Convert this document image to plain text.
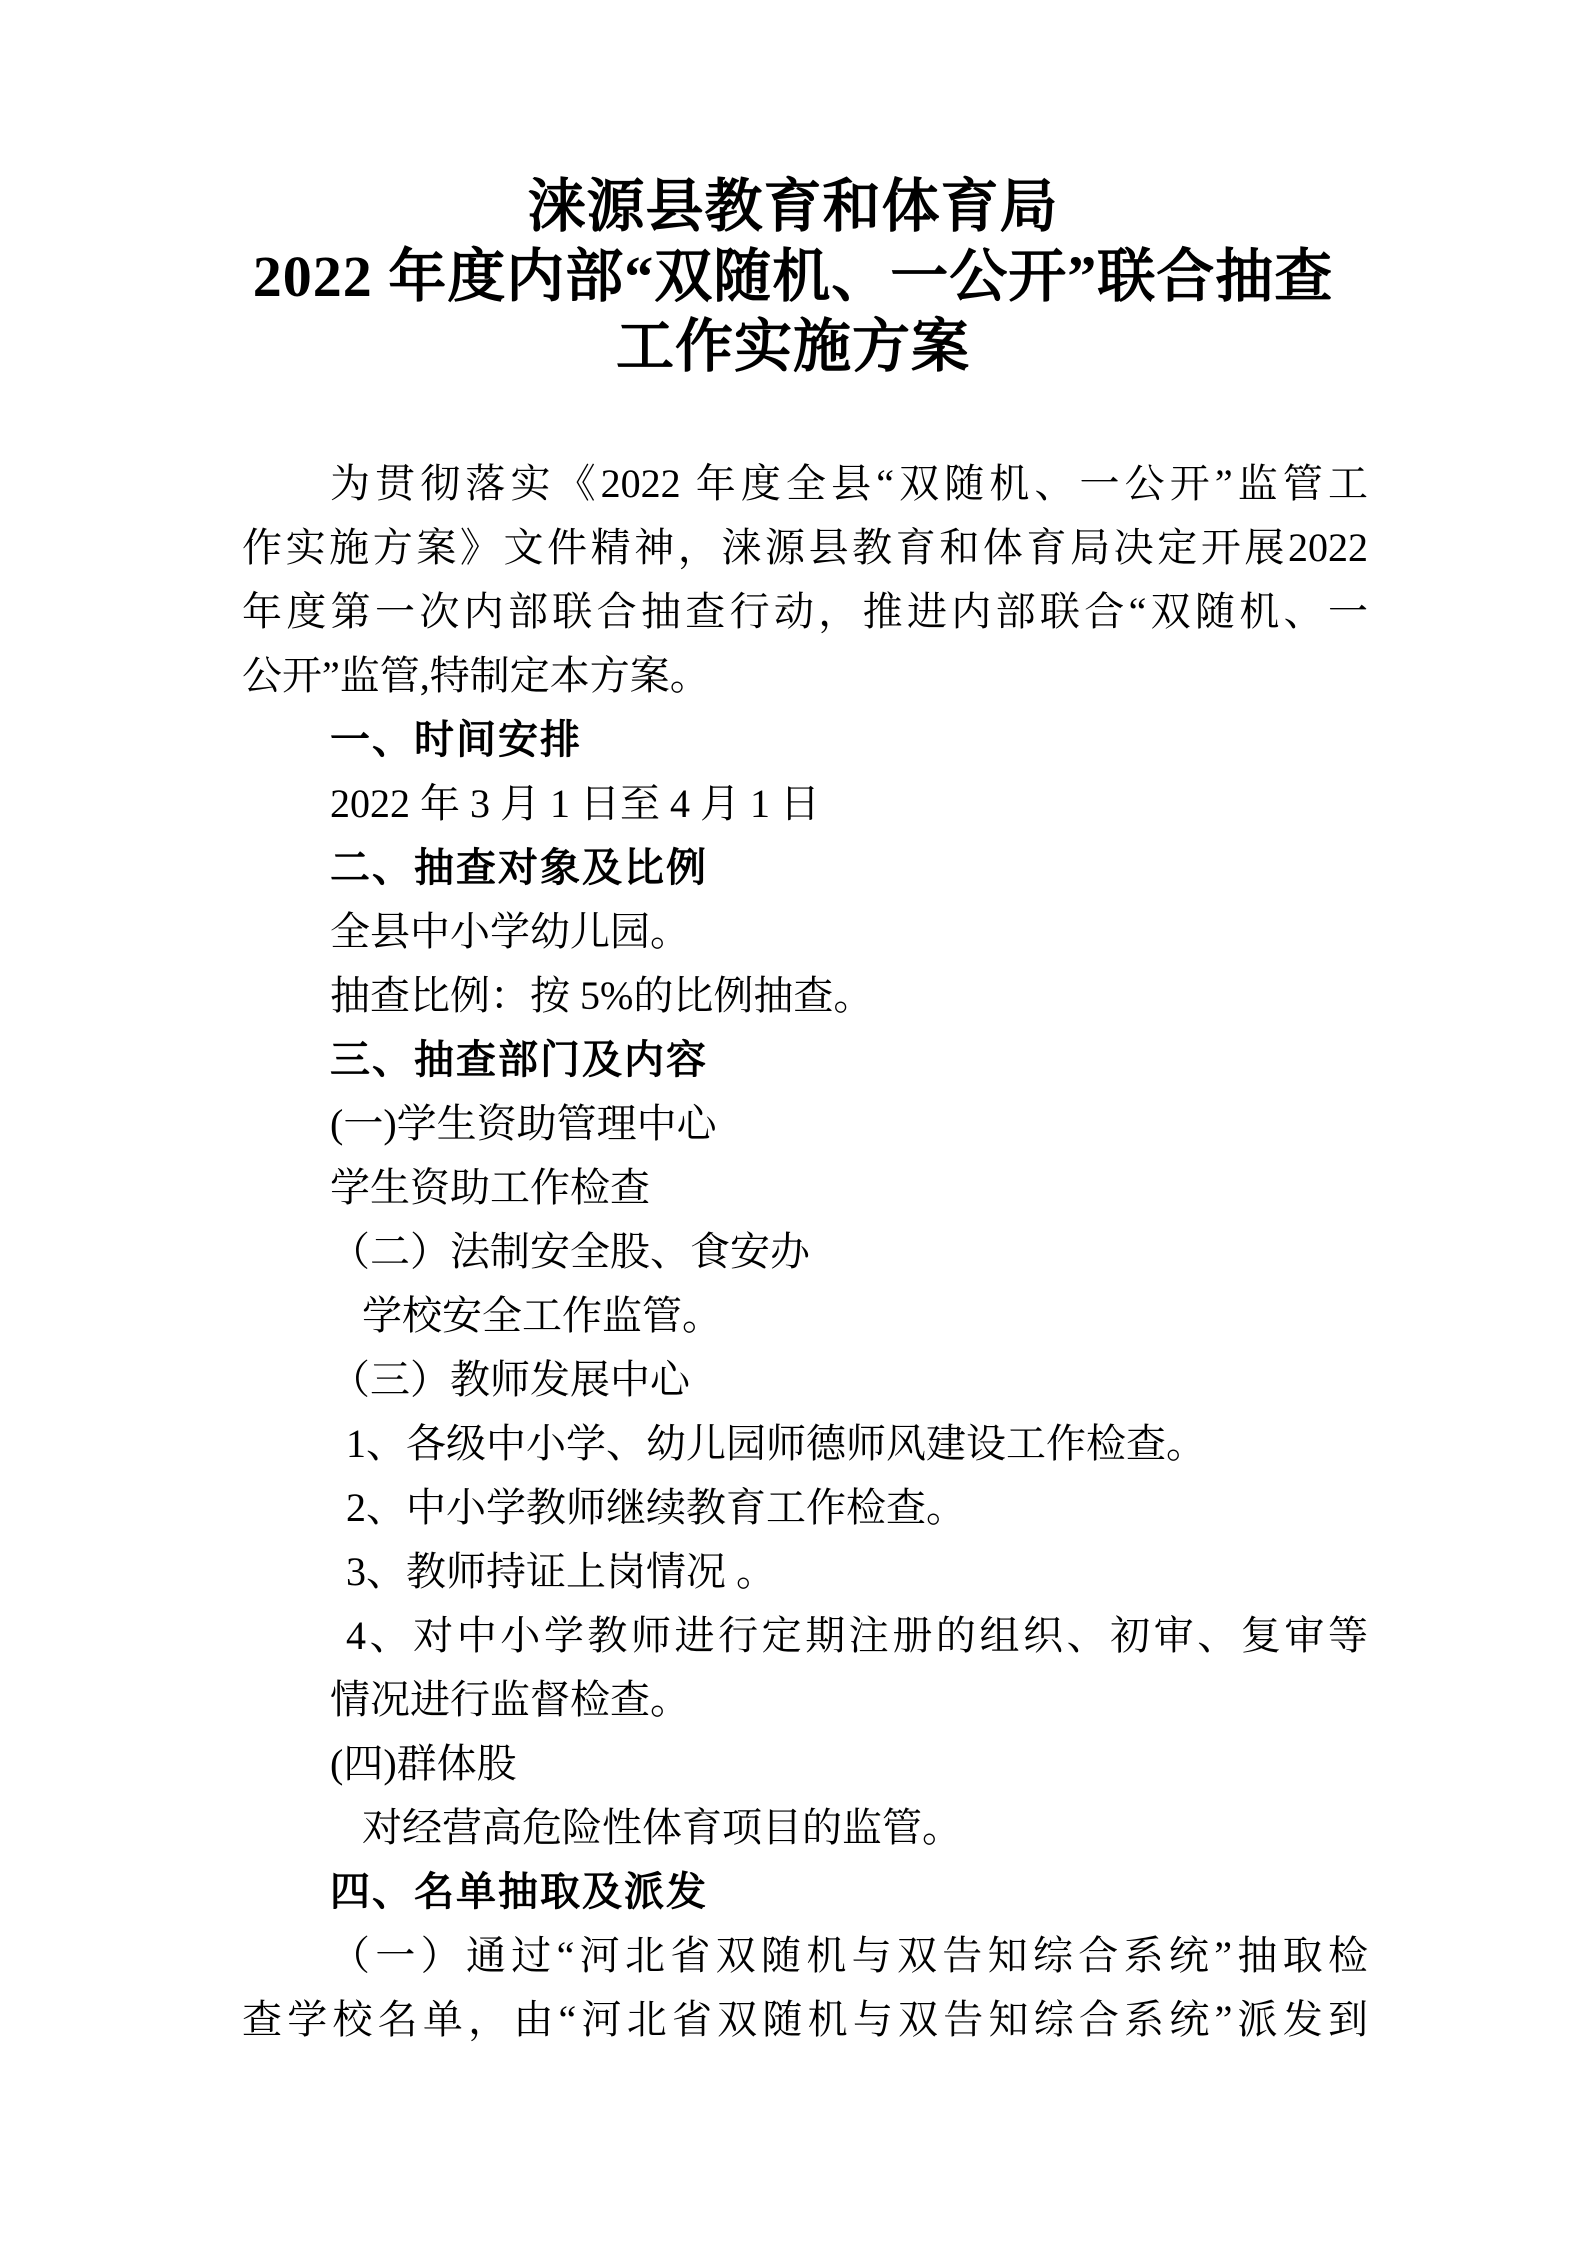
涞源县教育和体育局
2022 年度内部“双随机、一公开”联合抽查
工作实施方案
为贯彻落实《2022 年度全县“双随机、一公开”监管工
作实施方案》文件精神，涞源县教育和体育局决定开展2022
年度第一次内部联合抽查行动，推进内部联合“双随机、一
公开”监管,特制定本方案。
一、时间安排
2022 年 3 月 1 日至 4 月 1 日
二、抽查对象及比例
全县中小学幼儿园。
抽查比例：按 5%的比例抽查。
三、抽查部门及内容
(一)学生资助管理中心
学生资助工作检查
（二）法制安全股、食安办
学校安全工作监管。
（三）教师发展中心
1、各级中小学、幼儿园师德师风建设工作检查。
2、中小学教师继续教育工作检查。
3、教师持证上岗情况 。
4、对中小学教师进行定期注册的组织、初审、复审等
情况进行监督检查。
(四)群体股
对经营高危险性体育项目的监管。
四、名单抽取及派发
（一）通过“河北省双随机与双告知综合系统”抽取检
查学校名单，由“河北省双随机与双告知综合系统”派发到
